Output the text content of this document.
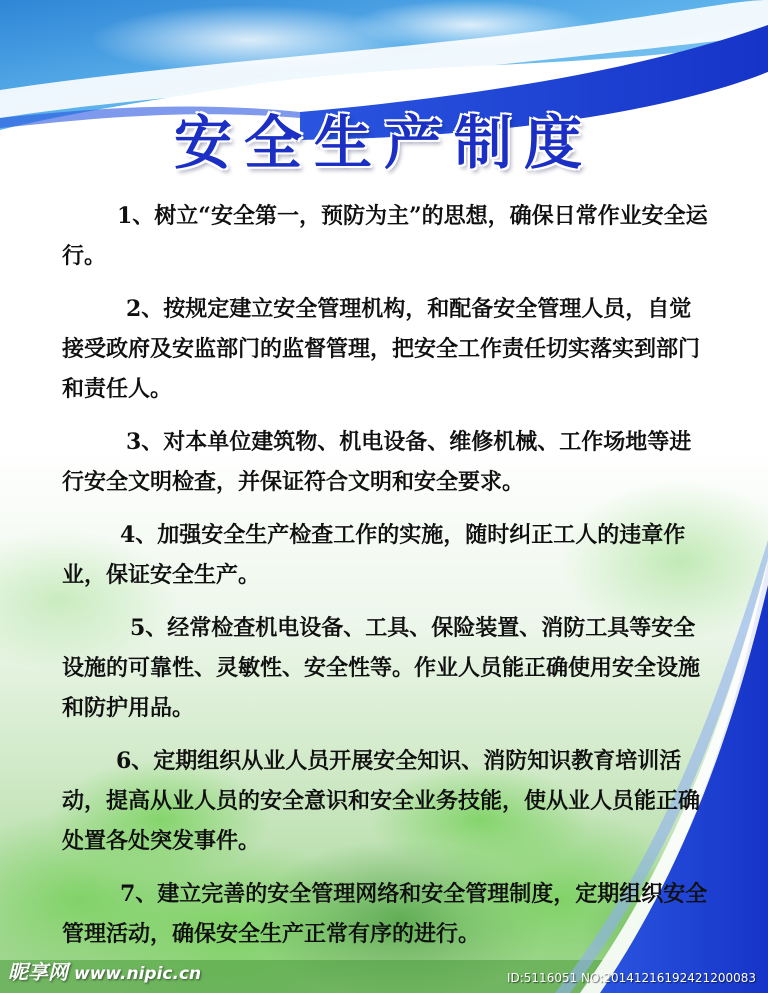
安全生产制度

1、树立“安全第一，预防为主”的思想，确保日常作业安全运行。

2、按规定建立安全管理机构，和配备安全管理人员，自觉接受政府及安监部门的监督管理，把安全工作责任切实落实到部门和责任人。

3、对本单位建筑物、机电设备、维修机械、工作场地等进行安全文明检查，并保证符合文明和安全要求。

4、加强安全生产检查工作的实施，随时纠正工人的违章作业，保证安全生产。

5、经常检查机电设备、工具、保险装置、消防工具等安全设施的可靠性、灵敏性、安全性等。作业人员能正确使用安全设施和防护用品。

6、定期组织从业人员开展安全知识、消防知识教育培训活动，提高从业人员的安全意识和安全业务技能，使从业人员能正确处置各处突发事件。

7、建立完善的安全管理网络和安全管理制度，定期组织安全管理活动，确保安全生产正常有序的进行。

昵享网 www.nipic.cn	ID:5116051 NO:20141216192421200083
